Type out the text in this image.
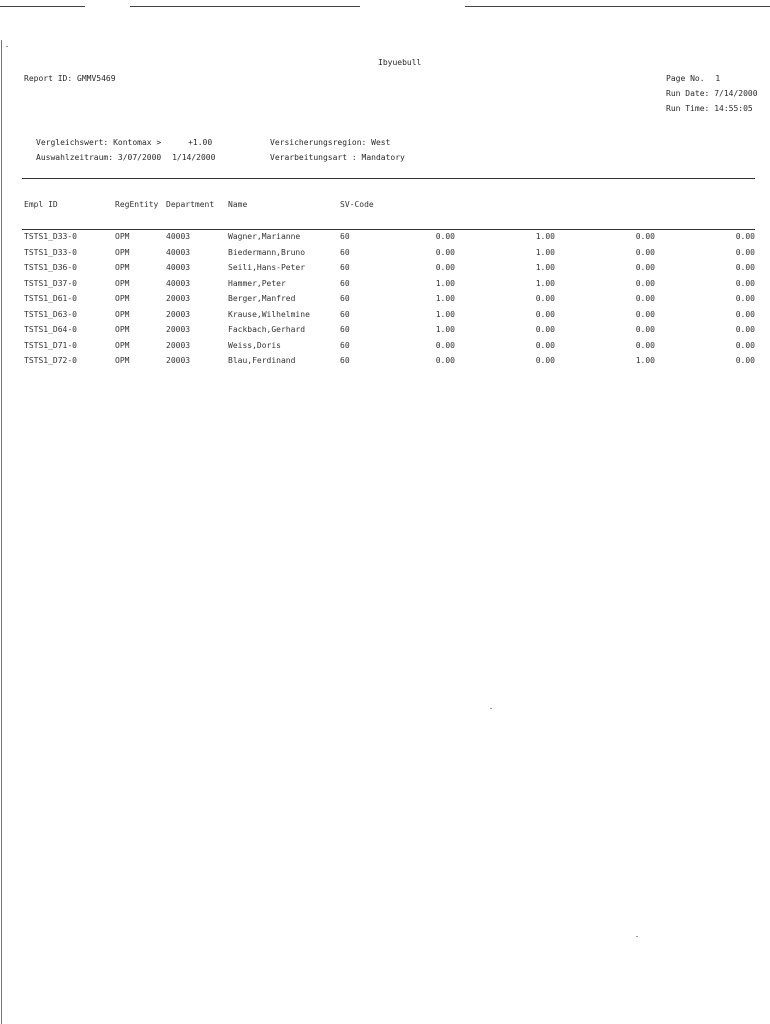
Ibyuebull
Report ID: GMMV5469	Page No. 1
Run Date: 7/14/2000
Run Time: 14:55:05
Vergleichswert: Kontomax >	+1.00
Auswahlzeitraum: 3/07/2000 1/14/2000
Versicherungsregion: West
Verarbeitungsart : Mandatory
Empl ID	RegEntity Department Name	SV-Code
TSTS1_D33-0	OPM	40003	Wagner,Marianne	60	0.00	1.00	0.00	0.00
TSTS1_D33-0	OPM	40003	Biedermann,Bruno	60	0.00	1.00	0.00	0.00
TSTS1_D36-0	OPM	40003	Seili,Hans-Peter	60	0.00	1.00	0.00	0.00
TSTS1_D37-0	OPM	40003	Hammer,Peter	60	1.00	1.00	0.00	0.00
TSTS1_D61-0	OPM	20003	Berger,Manfred	60	1.00	0.00	0.00	0.00
TSTS1_D63-0	OPM	20003	Krause,Wilhelmine	60	1.00	0.00	0.00	0.00
TSTS1_D64-0	OPM	20003	Fackbach,Gerhard	60	1.00	0.00	0.00	0.00
TSTS1_D71-0	OPM	20003	Weiss,Doris	60	0.00	0.00	0.00	0.00
TSTS1_D72-0	OPM	20003	Blau,Ferdinand	60	0.00	0.00	1.00	0.00
